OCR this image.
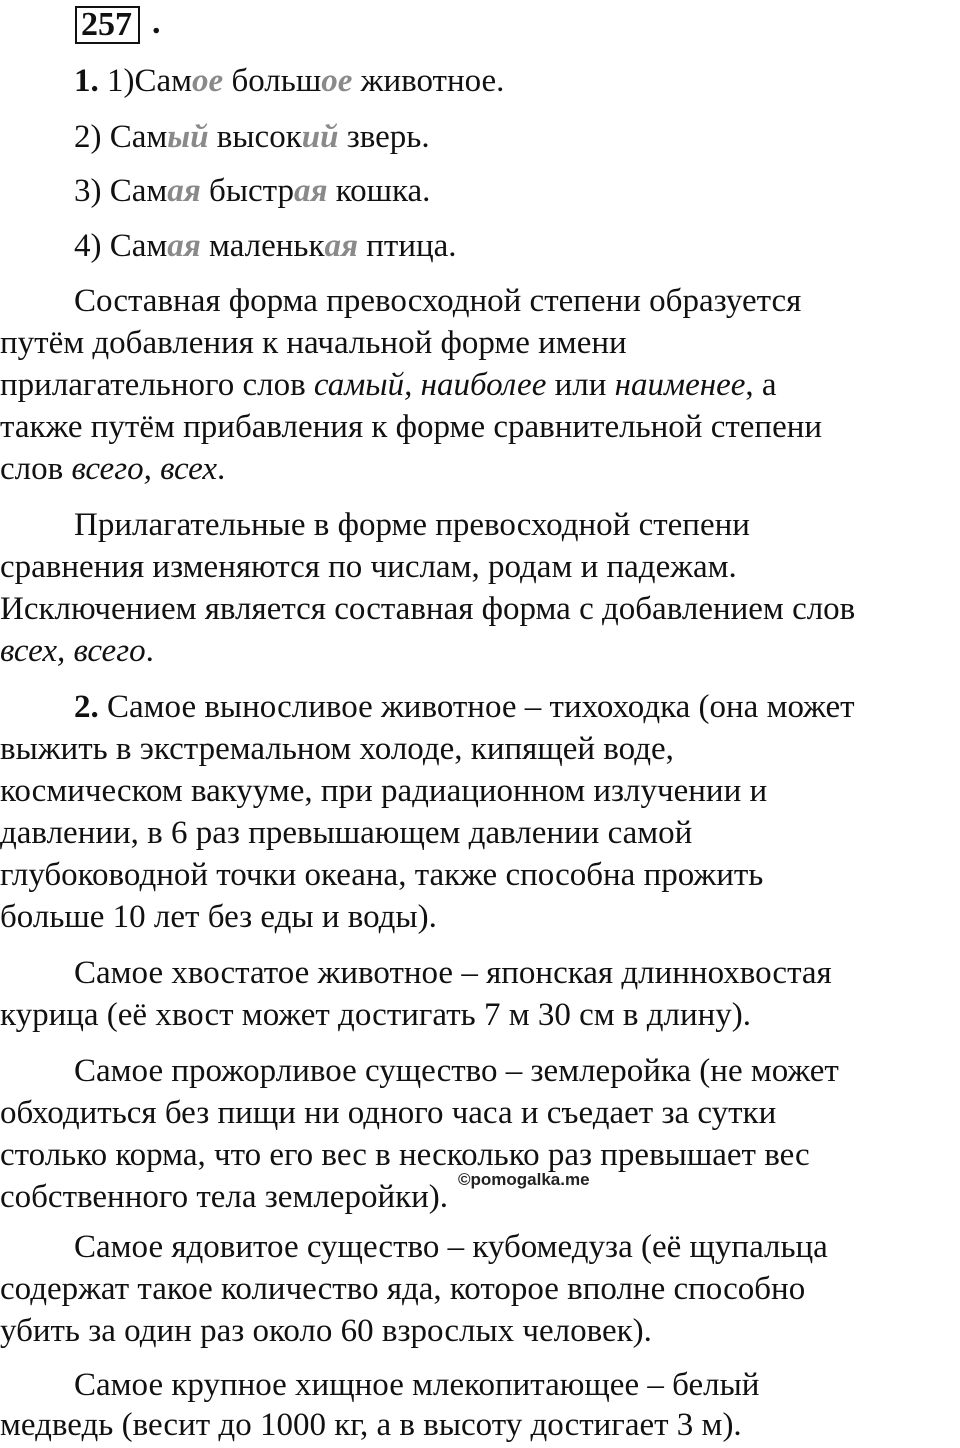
257 .
1. 1)Самое большое животное.
2) Самый высокий зверь.
3) Самая быстрая кошка.
4) Самая маленькая птица.
Составная форма превосходной степени образуется
путём добавления к начальной форме имени
прилагательного слов самый, наиболее или наименее, а
также путём прибавления к форме сравнительной степени
слов всего, всех.
Прилагательные в форме превосходной степени
сравнения изменяются по числам, родам и падежам.
Исключением является составная форма с добавлением слов
всех, всего.
2. Самое выносливое животное – тихоходка (она может
выжить в экстремальном холоде, кипящей воде,
космическом вакууме, при радиационном излучении и
давлении, в 6 раз превышающем давлении самой
глубоководной точки океана, также способна прожить
больше 10 лет без еды и воды).
Самое хвостатое животное – японская длиннохвостая
курица (её хвост может достигать 7 м 30 см в длину).
Самое прожорливое существо – землеройка (не может
обходиться без пищи ни одного часа и съедает за сутки
столько корма, что его вес в несколько раз превышает вес
собственного тела землеройки).
Самое ядовитое существо – кубомедуза (её щупальца
содержат такое количество яда, которое вполне способно
убить за один раз около 60 взрослых человек).
Самое крупное хищное млекопитающее – белый
медведь (весит до 1000 кг, а в высоту достигает 3 м).
©pomogalka.me
